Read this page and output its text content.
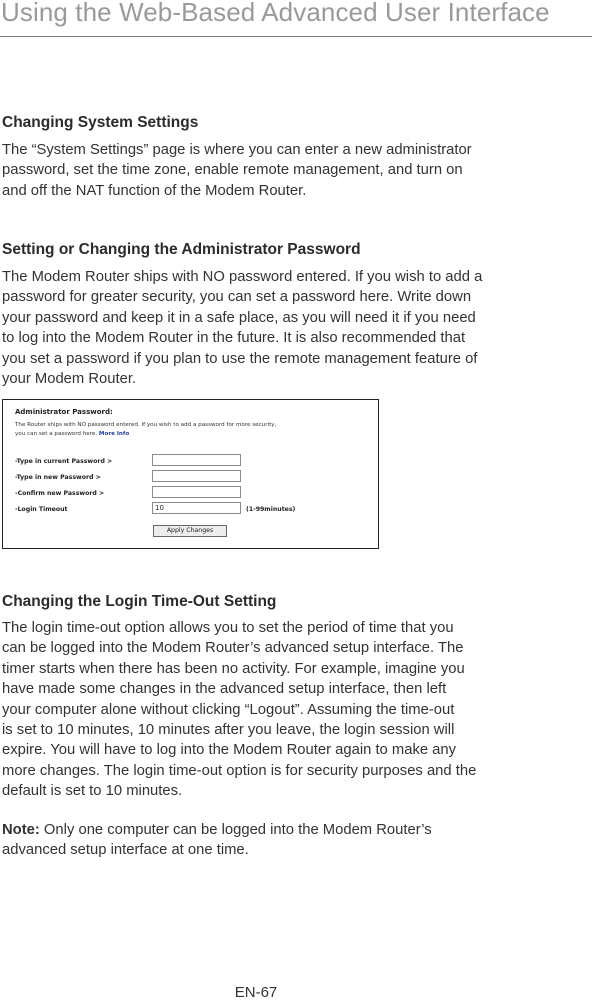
Using the Web-Based Advanced User Interface
Changing System Settings

The “System Settings” page is where you can enter a new administrator
password, set the time zone, enable remote management, and turn on
and off the NAT function of the Modem Router.

Setting or Changing the Administrator Password

The Modem Router ships with NO password entered. If you wish to add a
password for greater security, you can set a password here. Write down
your password and keep it in a safe place, as you will need it if you need
to log into the Modem Router in the future. It is also recommended that
you set a password if you plan to use the remote management feature of
your Modem Router.

Administrator Password:
The Router ships with NO password entered. If you wish to add a password for more security,
you can set a password here. More Info
-Type in current Password >
-Type in new Password >
-Confirm new Password >
-Login Timeout	10	(1-99minutes)
Apply Changes
Changing the Login Time-Out Setting

The login time-out option allows you to set the period of time that you
can be logged into the Modem Router’s advanced setup interface. The
timer starts when there has been no activity. For example, imagine you
have made some changes in the advanced setup interface, then left
your computer alone without clicking “Logout”. Assuming the time-out
is set to 10 minutes, 10 minutes after you leave, the login session will
expire. You will have to log into the Modem Router again to make any
more changes. The login time-out option is for security purposes and the
default is set to 10 minutes.

Note: Only one computer can be logged into the Modem Router’s
advanced setup interface at one time.

EN-67
